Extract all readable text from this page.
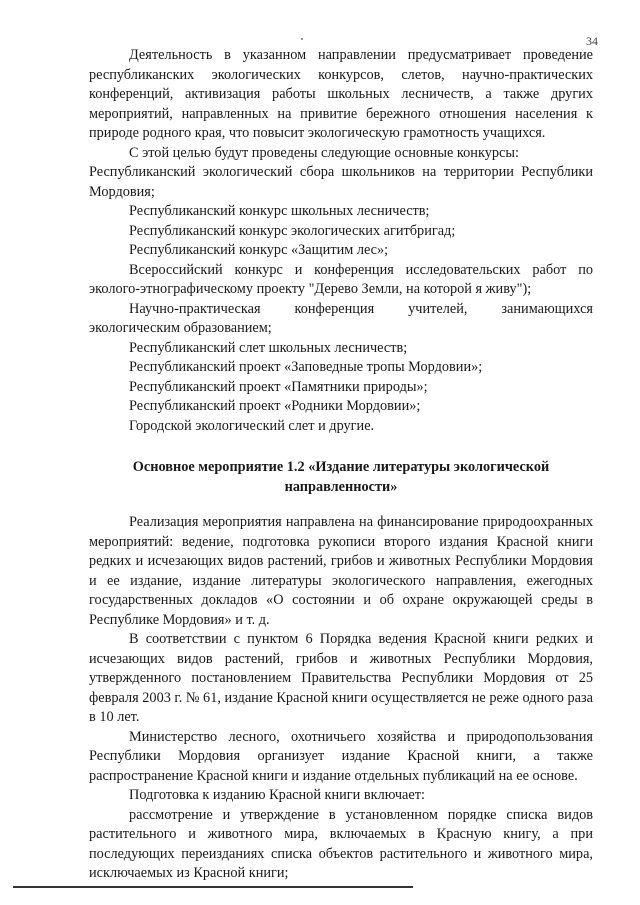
34

Деятельность в указанном направлении предусматривает проведение республиканских экологических конкурсов, слетов, научно-практических конференций, активизация работы школьных лесничеств, а также других мероприятий, направленных на привитие бережного отношения населения к природе родного края, что повысит экологическую грамотность учащихся.

С этой целью будут проведены следующие основные конкурсы:

Республиканский экологический сбора школьников на территории Республики Мордовия;

Республиканский конкурс школьных лесничеств;

Республиканский конкурс экологических агитбригад;

Республиканский конкурс «Защитим лес»;

Всероссийский конкурс и конференция исследовательских работ по эколого-этнографическому проекту "Дерево Земли, на которой я живу");

Научно-практическая конференция учителей, занимающихся экологическим образованием;

Республиканский слет школьных лесничеств;

Республиканский проект «Заповедные тропы Мордовии»;

Республиканский проект «Памятники природы»;

Республиканский проект «Родники Мордовии»;

Городской экологический слет и другие.

Основное мероприятие 1.2 «Издание литературы экологической направленности»

Реализация мероприятия направлена на финансирование природоохранных мероприятий: ведение, подготовка рукописи второго издания Красной книги редких и исчезающих видов растений, грибов и животных Республики Мордовия и ее издание, издание литературы экологического направления, ежегодных государственных докладов «О состоянии и об охране окружающей среды в Республике Мордовия» и т. д.

В соответствии с пунктом 6 Порядка ведения Красной книги редких и исчезающих видов растений, грибов и животных Республики Мордовия, утвержденного постановлением Правительства Республики Мордовия от 25 февраля 2003 г. № 61, издание Красной книги осуществляется не реже одного раза в 10 лет.

Министерство лесного, охотничьего хозяйства и природопользования Республики Мордовия организует издание Красной книги, а также распространение Красной книги и издание отдельных публикаций на ее основе.

Подготовка к изданию Красной книги включает:

рассмотрение и утверждение в установленном порядке списка видов растительного и животного мира, включаемых в Красную книгу, а при последующих переизданиях списка объектов растительного и животного мира, исключаемых из Красной книги;
